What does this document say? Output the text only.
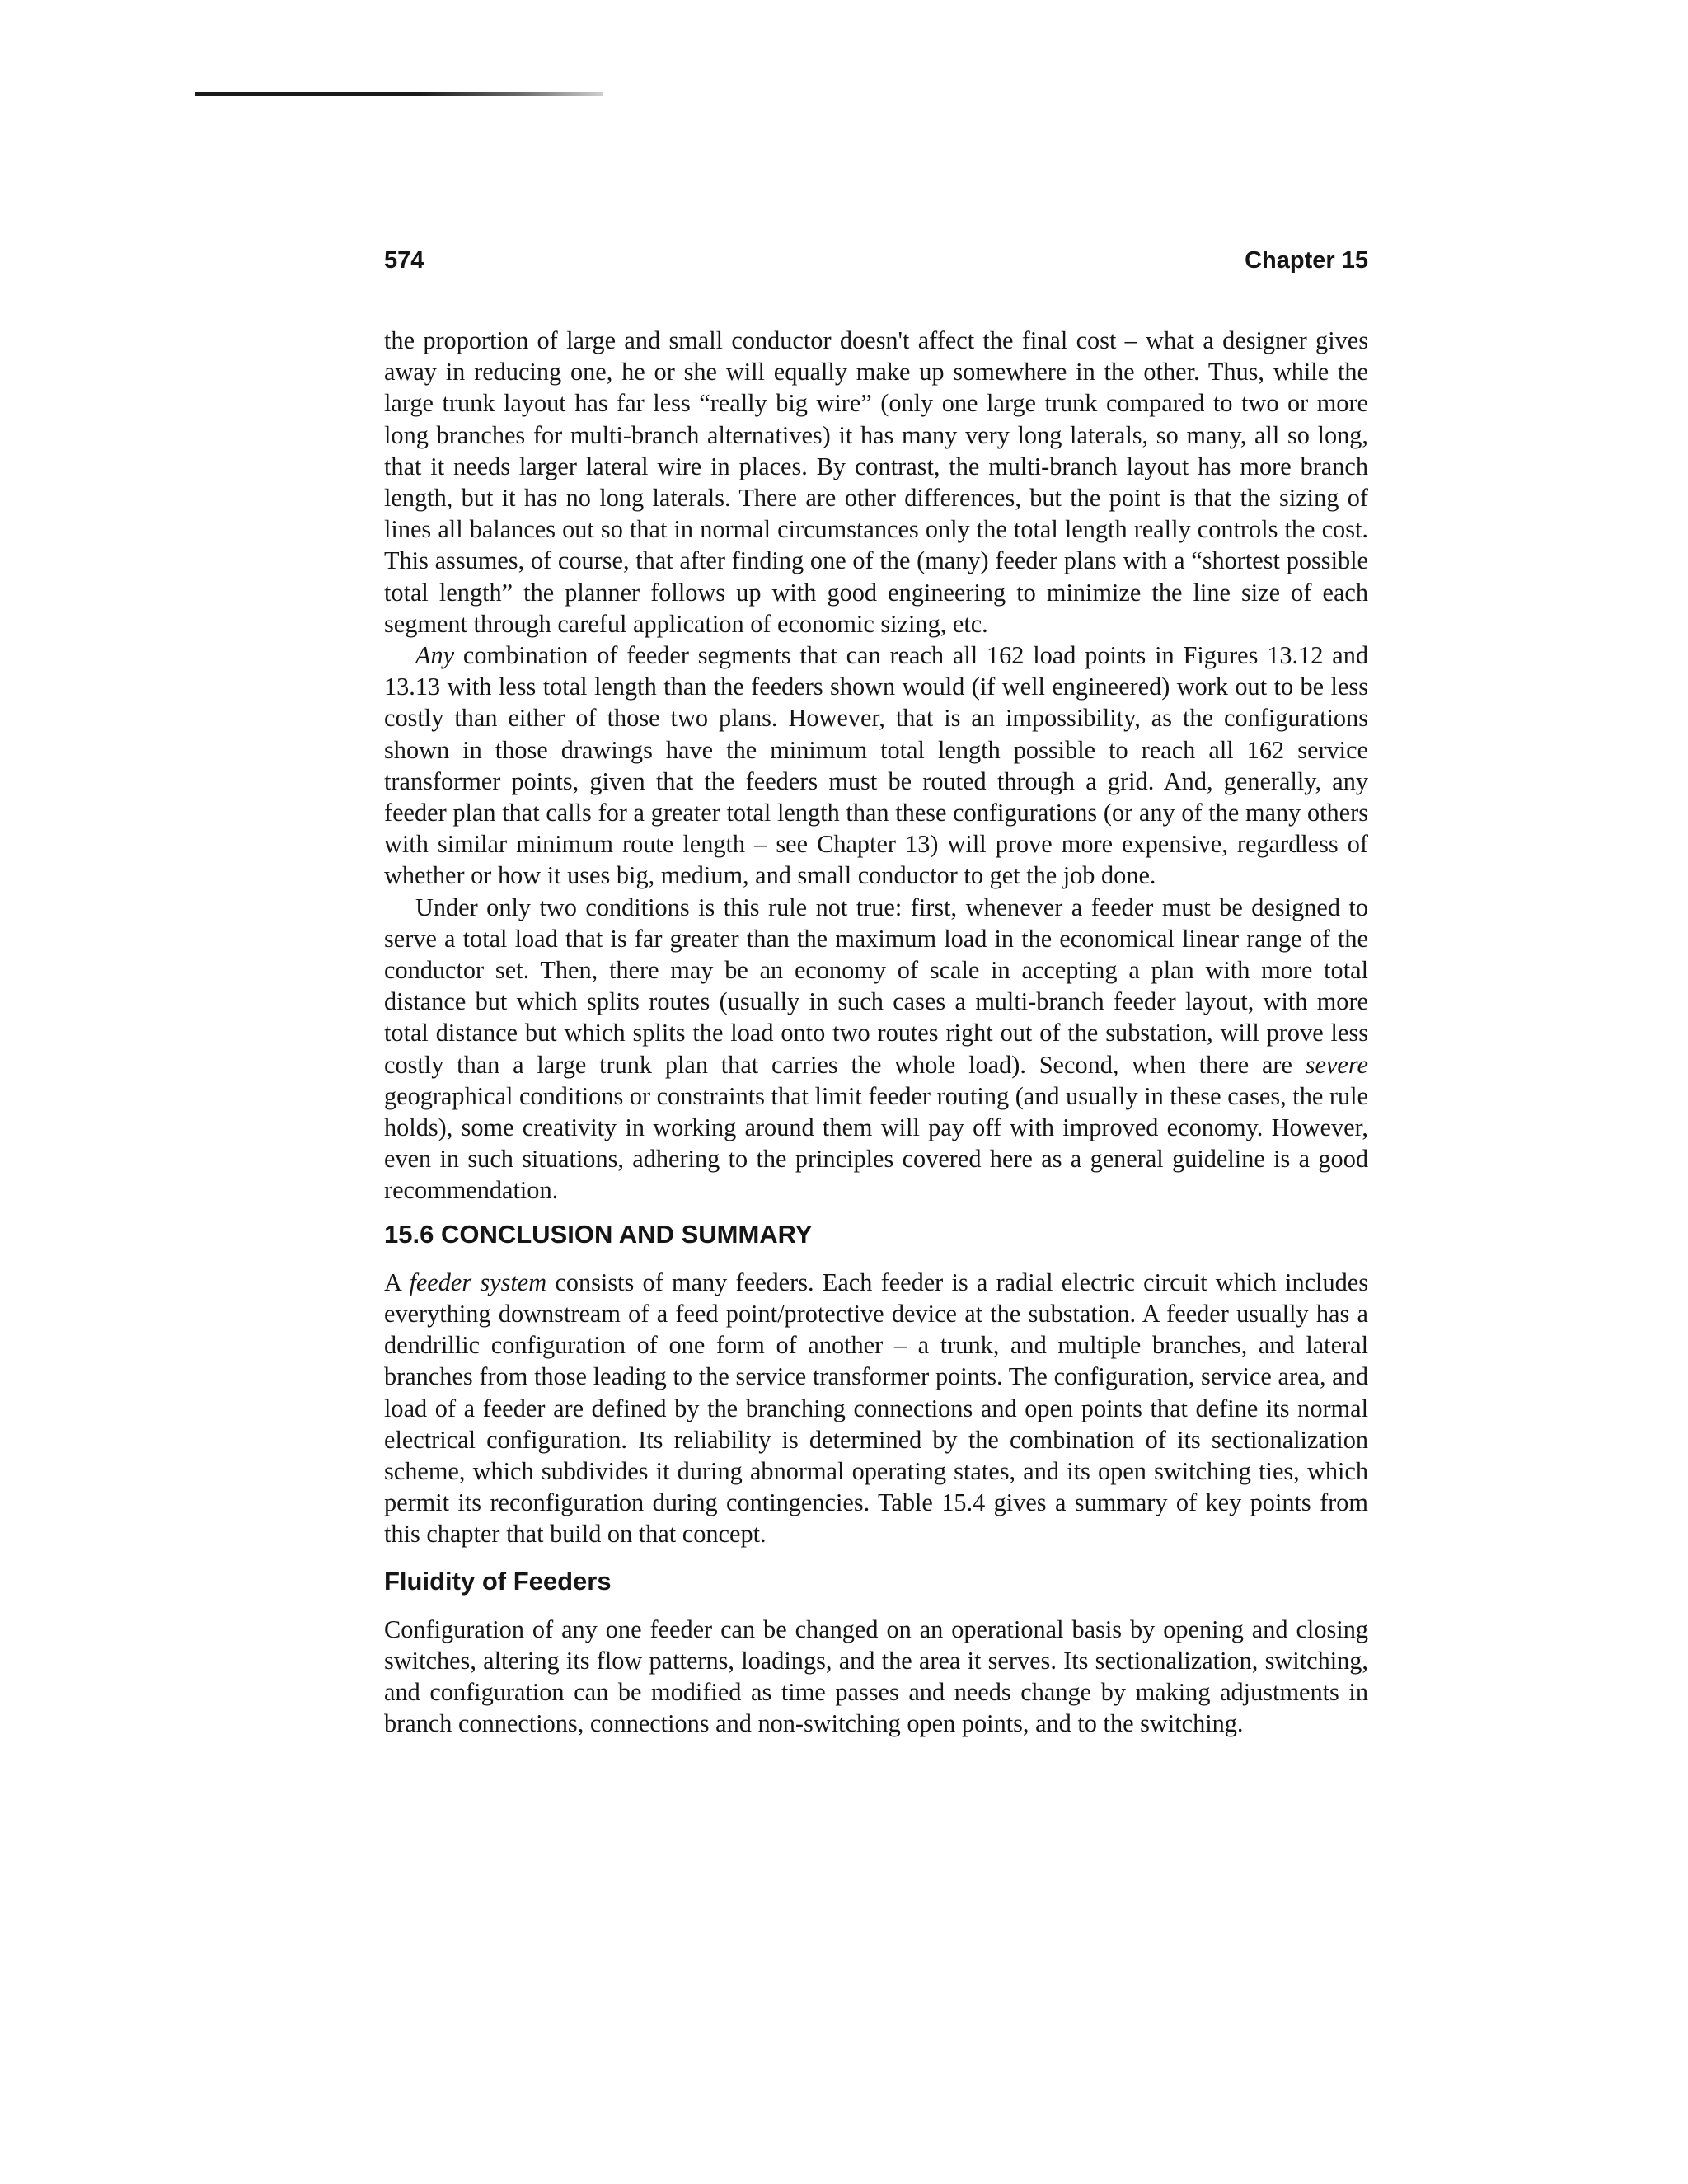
574	Chapter 15

the proportion of large and small conductor doesn't affect the final cost – what a designer gives away in reducing one, he or she will equally make up somewhere in the other. Thus, while the large trunk layout has far less “really big wire” (only one large trunk compared to two or more long branches for multi-branch alternatives) it has many very long laterals, so many, all so long, that it needs larger lateral wire in places. By contrast, the multi-branch layout has more branch length, but it has no long laterals. There are other differences, but the point is that the sizing of lines all balances out so that in normal circumstances only the total length really controls the cost. This assumes, of course, that after finding one of the (many) feeder plans with a “shortest possible total length” the planner follows up with good engineering to minimize the line size of each segment through careful application of economic sizing, etc.

Any combination of feeder segments that can reach all 162 load points in Figures 13.12 and 13.13 with less total length than the feeders shown would (if well engineered) work out to be less costly than either of those two plans. However, that is an impossibility, as the configurations shown in those drawings have the minimum total length possible to reach all 162 service transformer points, given that the feeders must be routed through a grid. And, generally, any feeder plan that calls for a greater total length than these configurations (or any of the many others with similar minimum route length – see Chapter 13) will prove more expensive, regardless of whether or how it uses big, medium, and small conductor to get the job done.

Under only two conditions is this rule not true: first, whenever a feeder must be designed to serve a total load that is far greater than the maximum load in the economical linear range of the conductor set. Then, there may be an economy of scale in accepting a plan with more total distance but which splits routes (usually in such cases a multi-branch feeder layout, with more total distance but which splits the load onto two routes right out of the substation, will prove less costly than a large trunk plan that carries the whole load). Second, when there are severe geographical conditions or constraints that limit feeder routing (and usually in these cases, the rule holds), some creativity in working around them will pay off with improved economy. However, even in such situations, adhering to the principles covered here as a general guideline is a good recommendation.

15.6 CONCLUSION AND SUMMARY

A feeder system consists of many feeders. Each feeder is a radial electric circuit which includes everything downstream of a feed point/protective device at the substation. A feeder usually has a dendrillic configuration of one form of another – a trunk, and multiple branches, and lateral branches from those leading to the service transformer points. The configuration, service area, and load of a feeder are defined by the branching connections and open points that define its normal electrical configuration. Its reliability is determined by the combination of its sectionalization scheme, which subdivides it during abnormal operating states, and its open switching ties, which permit its reconfiguration during contingencies. Table 15.4 gives a summary of key points from this chapter that build on that concept.

Fluidity of Feeders

Configuration of any one feeder can be changed on an operational basis by opening and closing switches, altering its flow patterns, loadings, and the area it serves. Its sectionalization, switching, and configuration can be modified as time passes and needs change by making adjustments in branch connections, connections and non-switching open points, and to the switching.
